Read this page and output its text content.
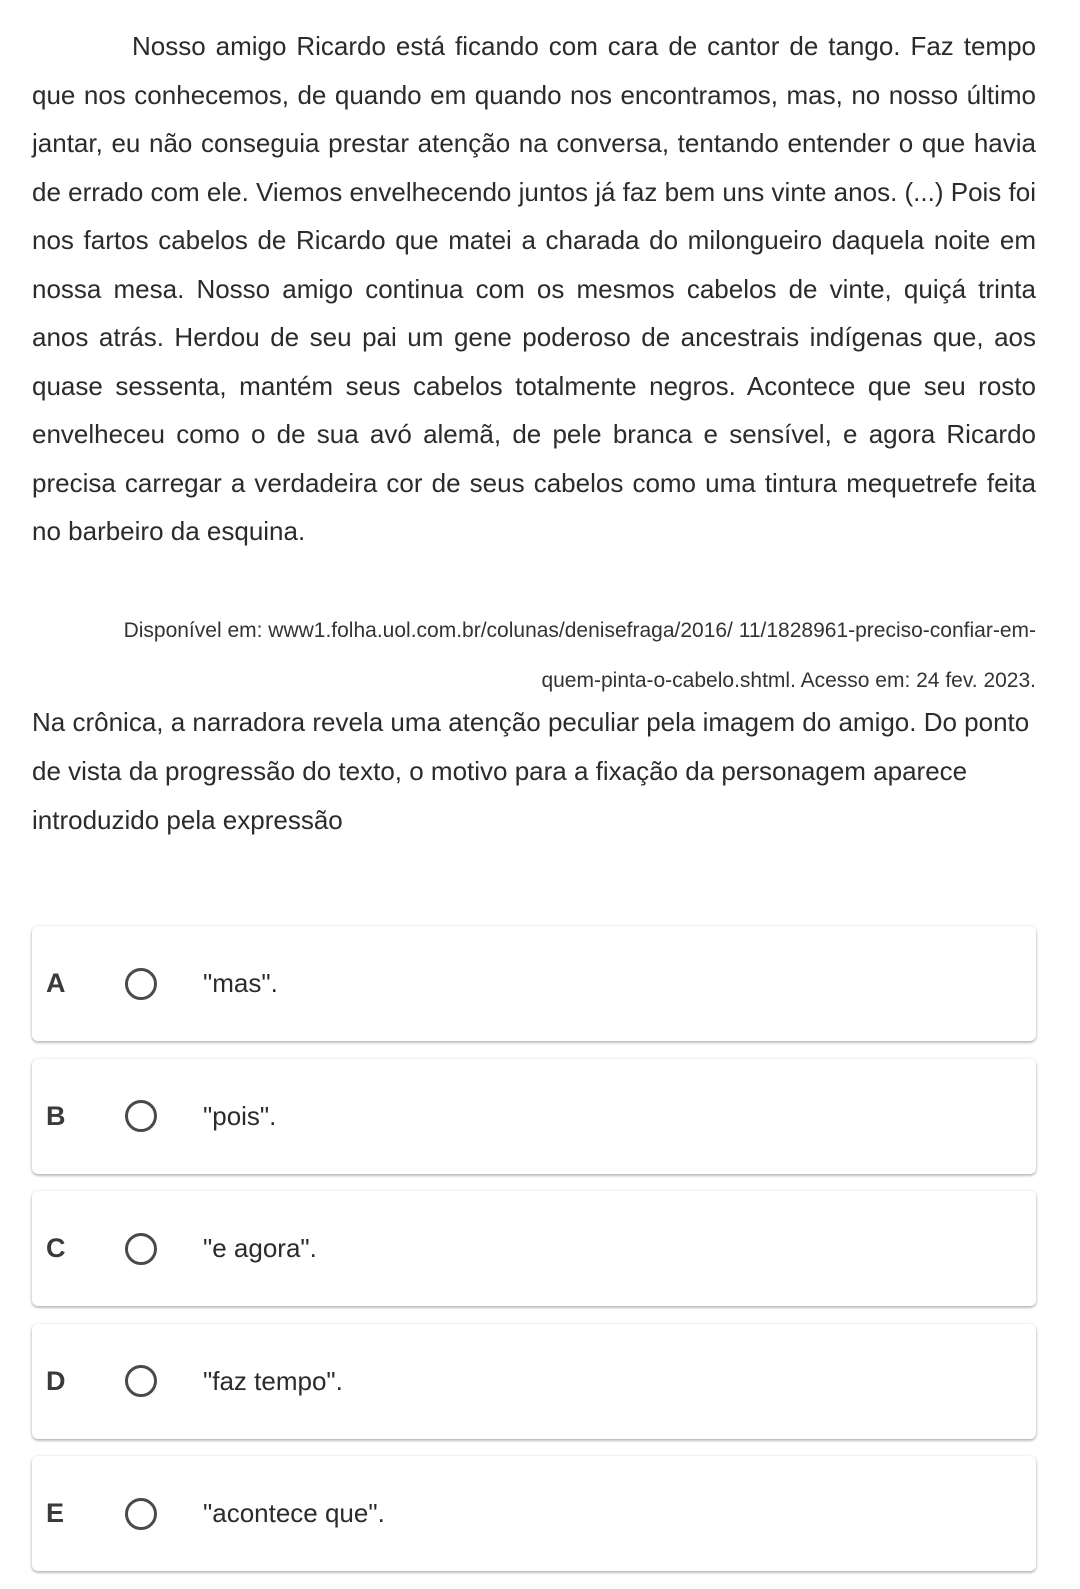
Nosso amigo Ricardo está ficando com cara de cantor de tango. Faz tempo que nos conhecemos, de quando em quando nos encontramos, mas, no nosso último jantar, eu não conseguia prestar atenção na conversa, tentando entender o que havia de errado com ele. Viemos envelhecendo juntos já faz bem uns vinte anos. (...) Pois foi nos fartos cabelos de Ricardo que matei a charada do milongueiro daquela noite em nossa mesa. Nosso amigo continua com os mesmos cabelos de vinte, quiçá trinta anos atrás. Herdou de seu pai um gene poderoso de ancestrais indígenas que, aos quase sessenta, mantém seus cabelos totalmente negros. Acontece que seu rosto envelheceu como o de sua avó alemã, de pele branca e sensível, e agora Ricardo precisa carregar a verdadeira cor de seus cabelos como uma tintura mequetrefe feita no barbeiro da esquina.

Disponível em: www1.folha.uol.com.br/colunas/denisefraga/2016/ 11/1828961-preciso-confiar-em-
quem-pinta-o-cabelo.shtml. Acesso em: 24 fev. 2023.

Na crônica, a narradora revela uma atenção peculiar pela imagem do amigo. Do ponto de vista da progressão do texto, o motivo para a fixação da personagem aparece introduzido pela expressão

A	"mas".
B	"pois".
C	"e agora".
D	"faz tempo".
E	"acontece que".
